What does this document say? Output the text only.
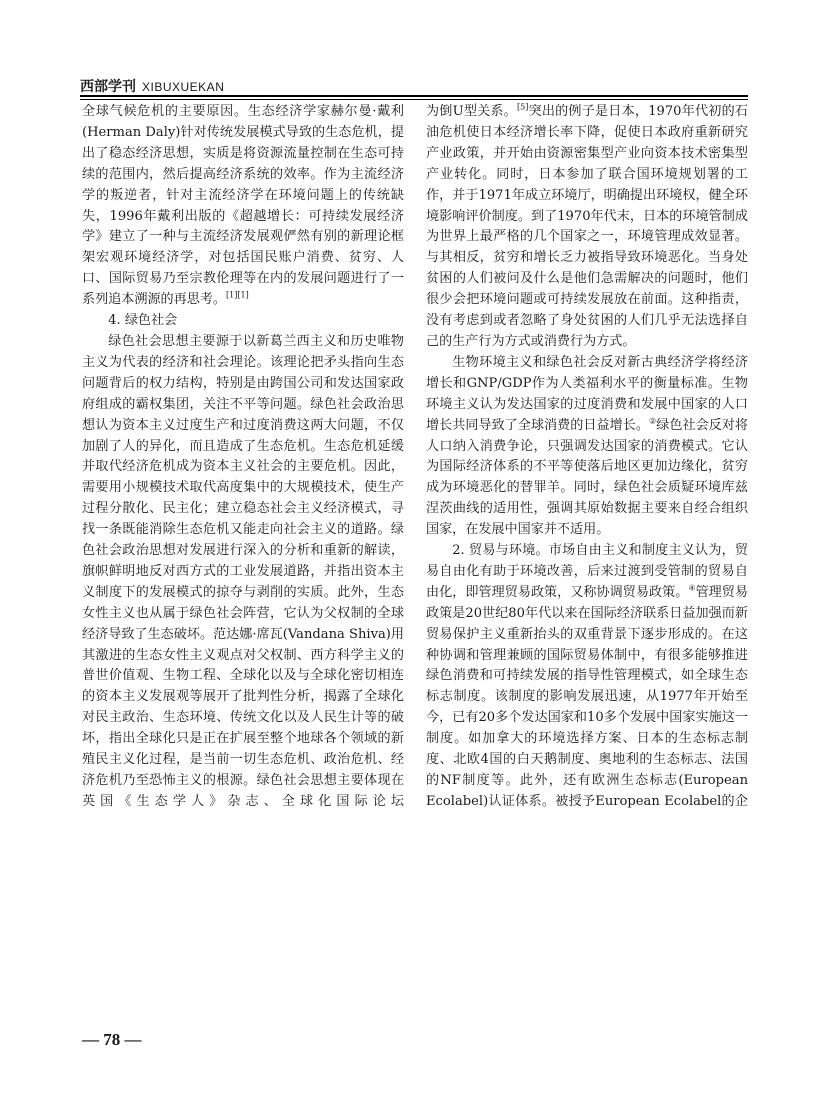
西部学刊 XIBUXUEKAN

全球气候危机的主要原因。生态经济学家赫尔曼·戴利(Herman Daly)针对传统发展模式导致的生态危机，提出了稳态经济思想，实质是将资源流量控制在生态可持续的范围内，然后提高经济系统的效率。作为主流经济学的叛逆者，针对主流经济学在环境问题上的传统缺失，1996年戴利出版的《超越增长：可持续发展经济学》建立了一种与主流经济发展观俨然有别的新理论框架宏观环境经济学，对包括国民账户消费、贫穷、人口、国际贸易乃至宗教伦理等在内的发展问题进行了一系列追本溯源的再思考。[1][1]

4. 绿色社会

绿色社会思想主要源于以新葛兰西主义和历史唯物主义为代表的经济和社会理论。该理论把矛头指向生态问题背后的权力结构，特别是由跨国公司和发达国家政府组成的霸权集团，关注不平等问题。绿色社会政治思想认为资本主义过度生产和过度消费这两大问题，不仅加剧了人的异化，而且造成了生态危机。生态危机延缓并取代经济危机成为资本主义社会的主要危机。因此，需要用小规模技术取代高度集中的大规模技术，使生产过程分散化、民主化；建立稳态社会主义经济模式，寻找一条既能消除生态危机又能走向社会主义的道路。绿色社会政治思想对发展进行深入的分析和重新的解读，旗帜鲜明地反对西方式的工业发展道路，并指出资本主义制度下的发展模式的掠夺与剥削的实质。此外，生态女性主义也从属于绿色社会阵营，它认为父权制的全球经济导致了生态破坏。范达娜·席瓦(Vandana Shiva)用其激进的生态女性主义观点对父权制、西方科学主义的普世价值观、生物工程、全球化以及与全球化密切相连的资本主义发展观等展开了批判性分析，揭露了全球化对民主政治、生态环境、传统文化以及人民生计等的破坏，指出全球化只是正在扩展至整个地球各个领域的新殖民主义化过程，是当前一切生态危机、政治危机、经济危机乃至恐怖主义的根源。绿色社会思想主要体现在英国《生态学人》杂志、全球化国际论坛

为倒U型关系。[5]突出的例子是日本，1970年代初的石油危机使日本经济增长率下降，促使日本政府重新研究产业政策，并开始由资源密集型产业向资本技术密集型产业转化。同时，日本参加了联合国环境规划署的工作，并于1971年成立环境厅，明确提出环境权，健全环境影响评价制度。到了1970年代末，日本的环境管制成为世界上最严格的几个国家之一，环境管理成效显著。与其相反，贫穷和增长乏力被指导致环境恶化。当身处贫困的人们被问及什么是他们急需解决的问题时，他们很少会把环境问题或可持续发展放在前面。这种指责，没有考虑到或者忽略了身处贫困的人们几乎无法选择自己的生产行为方式或消费行为方式。

生物环境主义和绿色社会反对新古典经济学将经济增长和GNP/GDP作为人类福利水平的衡量标准。生物环境主义认为发达国家的过度消费和发展中国家的人口增长共同导致了全球消费的日益增长。②绿色社会反对将人口纳入消费争论，只强调发达国家的消费模式。它认为国际经济体系的不平等使落后地区更加边缘化，贫穷成为环境恶化的替罪羊。同时，绿色社会质疑环境库兹涅茨曲线的适用性，强调其原始数据主要来自经合组织国家，在发展中国家并不适用。

2. 贸易与环境。市场自由主义和制度主义认为，贸易自由化有助于环境改善，后来过渡到受管制的贸易自由化，即管理贸易政策，又称协调贸易政策。④管理贸易政策是20世纪80年代以来在国际经济联系日益加强而新贸易保护主义重新抬头的双重背景下逐步形成的。在这种协调和管理兼顾的国际贸易体制中，有很多能够推进绿色消费和可持续发展的指导性管理模式，如全球生态标志制度。该制度的影响发展迅速，从1977年开始至今，已有20多个发达国家和10多个发展中国家实施这一制度。如加拿大的环境选择方案、日本的生态标志制度、北欧4国的白天鹅制度、奥地利的生态标志、法国的NF制度等。此外，还有欧洲生态标志(European Ecolabel)认证体系。被授予European Ecolabel的企

— 78 —
